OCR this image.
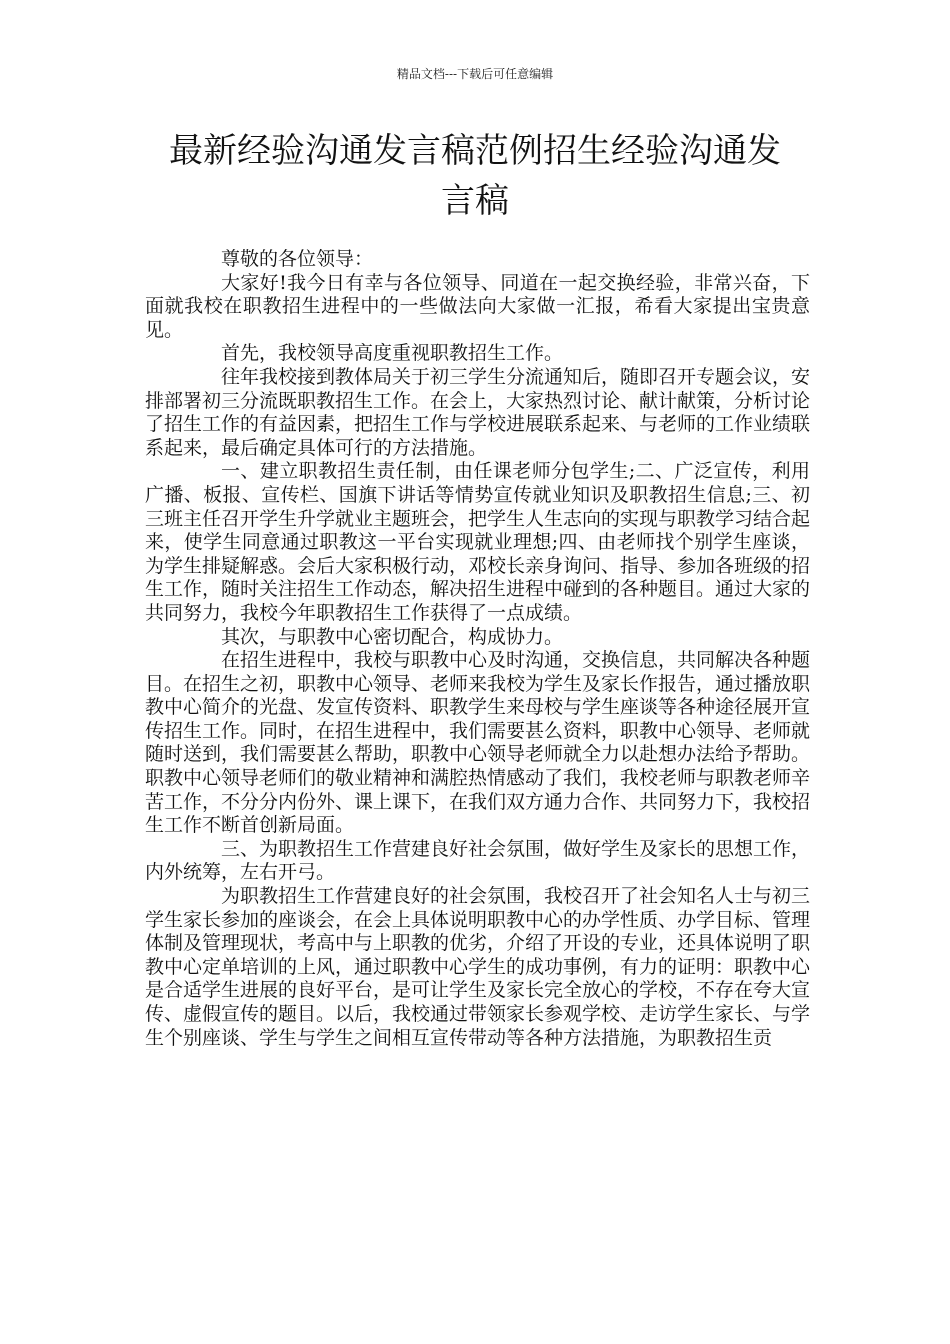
精品文档---下载后可任意编辑
最新经验沟通发言稿范例招生经验沟通发
言稿

尊敬的各位领导：

大家好!我今日有幸与各位领导、同道在一起交换经验，非常兴奋，下面就我校在职教招生进程中的一些做法向大家做一汇报，希看大家提出宝贵意见。

首先，我校领导高度重视职教招生工作。

往年我校接到教体局关于初三学生分流通知后，随即召开专题会议，安排部署初三分流既职教招生工作。在会上，大家热烈讨论、献计献策，分析讨论了招生工作的有益因素，把招生工作与学校进展联系起来、与老师的工作业绩联系起来，最后确定具体可行的方法措施。

一、建立职教招生责任制，由任课老师分包学生;二、广泛宣传，利用广播、板报、宣传栏、国旗下讲话等情势宣传就业知识及职教招生信息;三、初三班主任召开学生升学就业主题班会，把学生人生志向的实现与职教学习结合起来，使学生同意通过职教这一平台实现就业理想;四、由老师找个别学生座谈，为学生排疑解惑。会后大家积极行动，邓校长亲身询问、指导、参加各班级的招生工作，随时关注招生工作动态，解决招生进程中碰到的各种题目。通过大家的共同努力，我校今年职教招生工作获得了一点成绩。

其次，与职教中心密切配合，构成协力。

在招生进程中，我校与职教中心及时沟通，交换信息，共同解决各种题目。在招生之初，职教中心领导、老师来我校为学生及家长作报告，通过播放职教中心简介的光盘、发宣传资料、职教学生来母校与学生座谈等各种途径展开宣传招生工作。同时，在招生进程中，我们需要甚么资料，职教中心领导、老师就随时送到，我们需要甚么帮助，职教中心领导老师就全力以赴想办法给予帮助。职教中心领导老师们的敬业精神和满腔热情感动了我们，我校老师与职教老师辛苦工作，不分分内份外、课上课下，在我们双方通力合作、共同努力下，我校招生工作不断首创新局面。

三、为职教招生工作营建良好社会氛围，做好学生及家长的思想工作，内外统筹，左右开弓。

为职教招生工作营建良好的社会氛围，我校召开了社会知名人士与初三学生家长参加的座谈会，在会上具体说明职教中心的办学性质、办学目标、管理体制及管理现状，考高中与上职教的优劣，介绍了开设的专业，还具体说明了职教中心定单培训的上风，通过职教中心学生的成功事例，有力的证明：职教中心是合适学生进展的良好平台，是可让学生及家长完全放心的学校，不存在夸大宣传、虚假宣传的题目。以后，我校通过带领家长参观学校、走访学生家长、与学生个别座谈、学生与学生之间相互宣传带动等各种方法措施，为职教招生贡
